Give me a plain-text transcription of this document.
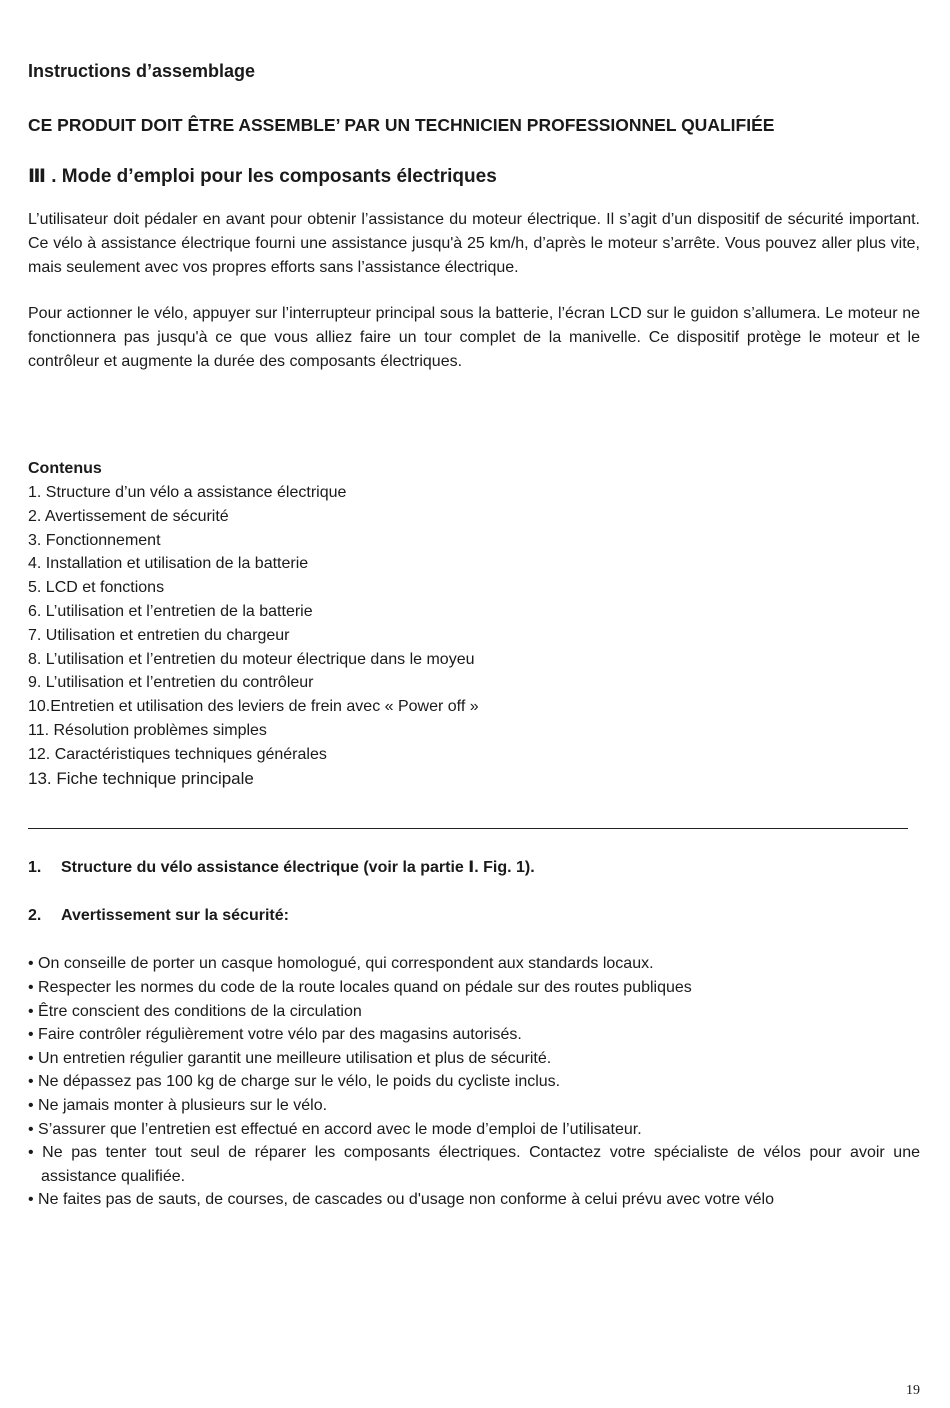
Instructions d’assemblage
CE PRODUIT DOIT ÊTRE ASSEMBLE’ PAR UN TECHNICIEN PROFESSIONNEL QUALIFIÉE
Ⅲ . Mode d’emploi pour les composants électriques

L’utilisateur doit pédaler en avant pour obtenir l’assistance du moteur électrique. Il s’agit d’un dispositif de sécurité important. Ce vélo à assistance électrique fourni une assistance jusqu'à 25 km/h, d’après le moteur s’arrête. Vous pouvez aller plus vite, mais seulement avec vos propres efforts sans l’assistance électrique.

Pour actionner le vélo, appuyer sur l’interrupteur principal sous la batterie, l’écran LCD sur le guidon s’allumera. Le moteur ne fonctionnera pas jusqu'à ce que vous alliez faire un tour complet de la manivelle. Ce dispositif protège le moteur et le contrôleur et augmente la durée des composants électriques.

Contenus
1. Structure d’un vélo a assistance électrique
2. Avertissement de sécurité
3. Fonctionnement
4. Installation et utilisation de la batterie
5. LCD et fonctions
6. L’utilisation et l’entretien de la batterie
7. Utilisation et entretien du chargeur
8. L’utilisation et l’entretien du moteur électrique dans le moyeu
9. L’utilisation et l’entretien du contrôleur
10.Entretien et utilisation des leviers de frein avec « Power off »
11. Résolution problèmes simples
12. Caractéristiques techniques générales
13. Fiche technique principale
1.	Structure du vélo assistance électrique (voir la partie Ⅰ. Fig. 1).
2.	Avertissement sur la sécurité:
• On conseille de porter un casque homologué, qui correspondent aux standards locaux.
• Respecter les normes du code de la route locales quand on pédale sur des routes publiques
• Être conscient des conditions de la circulation
• Faire contrôler régulièrement votre vélo par des magasins autorisés.
• Un entretien régulier garantit une meilleure utilisation et plus de sécurité.
• Ne dépassez pas 100 kg de charge sur le vélo, le poids du cycliste inclus.
• Ne jamais monter à plusieurs sur le vélo.
• S’assurer que l’entretien est effectué en accord avec le mode d’emploi de l’utilisateur.
• Ne pas tenter tout seul de réparer les composants électriques. Contactez votre spécialiste de vélos pour avoir une assistance qualifiée.
• Ne faites pas de sauts, de courses, de cascades ou d'usage non conforme à celui prévu avec votre vélo
19
